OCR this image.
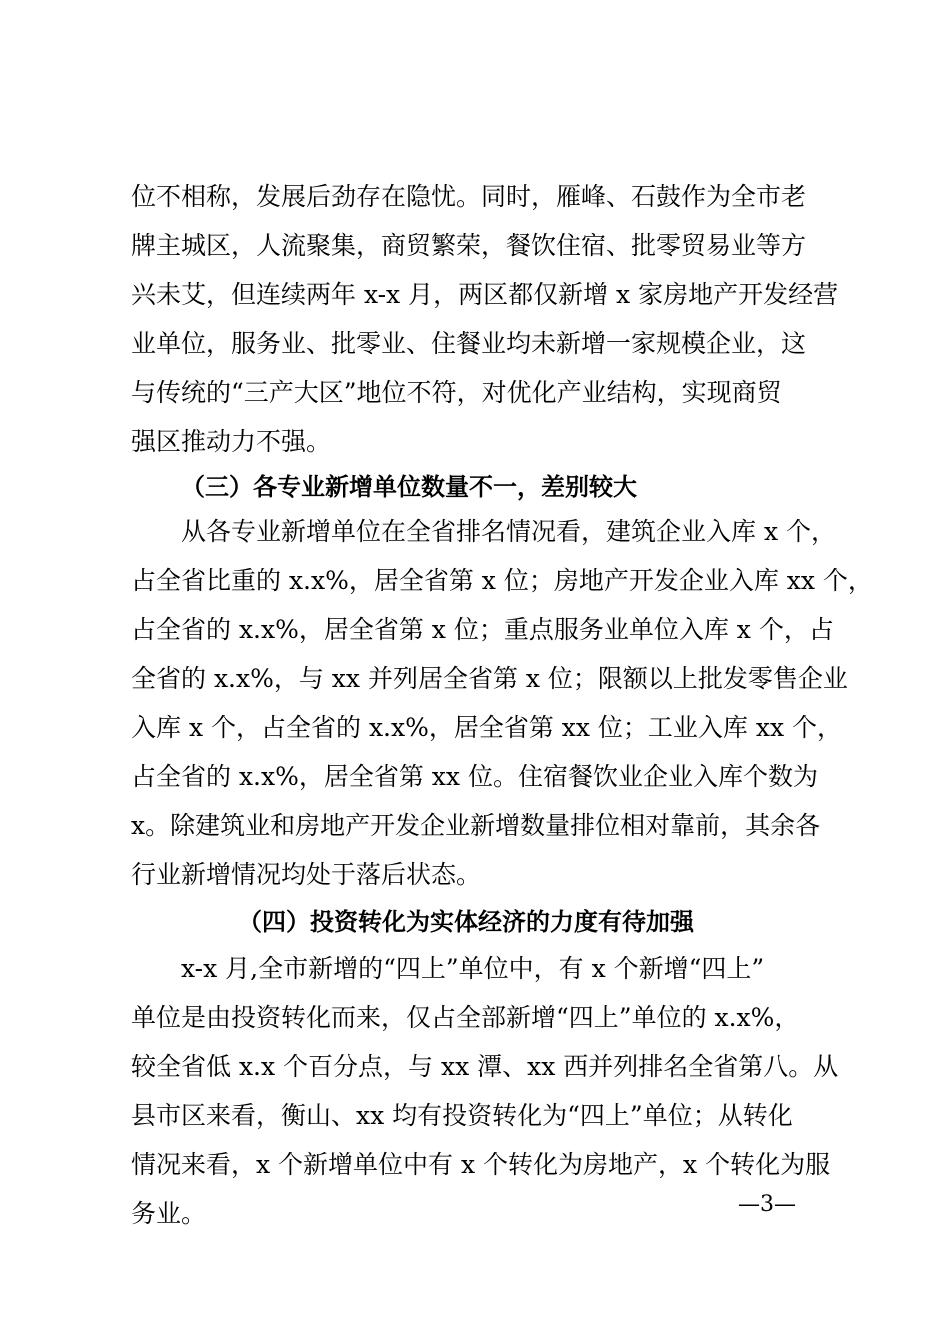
位不相称，发展后劲存在隐忧。同时，雁峰、石鼓作为全市老
牌主城区，人流聚集，商贸繁荣，餐饮住宿、批零贸易业等方
兴未艾，但连续两年 x-x 月，两区都仅新增 x 家房地产开发经营
业单位，服务业、批零业、住餐业均未新增一家规模企业，这
与传统的“三产大区”地位不符，对优化产业结构，实现商贸
强区推动力不强。
（三）各专业新增单位数量不一，差别较大
从各专业新增单位在全省排名情况看，建筑企业入库 x 个，
占全省比重的 x.x%，居全省第 x 位；房地产开发企业入库 xx 个，
占全省的 x.x%，居全省第 x 位；重点服务业单位入库 x 个，占
全省的 x.x%，与 xx 并列居全省第 x 位；限额以上批发零售企业
入库 x 个，占全省的 x.x%，居全省第 xx 位；工业入库 xx 个，
占全省的 x.x%，居全省第 xx 位。住宿餐饮业企业入库个数为
x。除建筑业和房地产开发企业新增数量排位相对靠前，其余各
行业新增情况均处于落后状态。
（四）投资转化为实体经济的力度有待加强
x-x 月,全市新增的“四上”单位中，有 x 个新增“四上”
单位是由投资转化而来，仅占全部新增“四上”单位的 x.x%，
较全省低 x.x 个百分点，与 xx 潭、xx 西并列排名全省第八。从
县市区来看，衡山、xx 均有投资转化为“四上”单位；从转化
情况来看，x 个新增单位中有 x 个转化为房地产，x 个转化为服
务业。	—3—
